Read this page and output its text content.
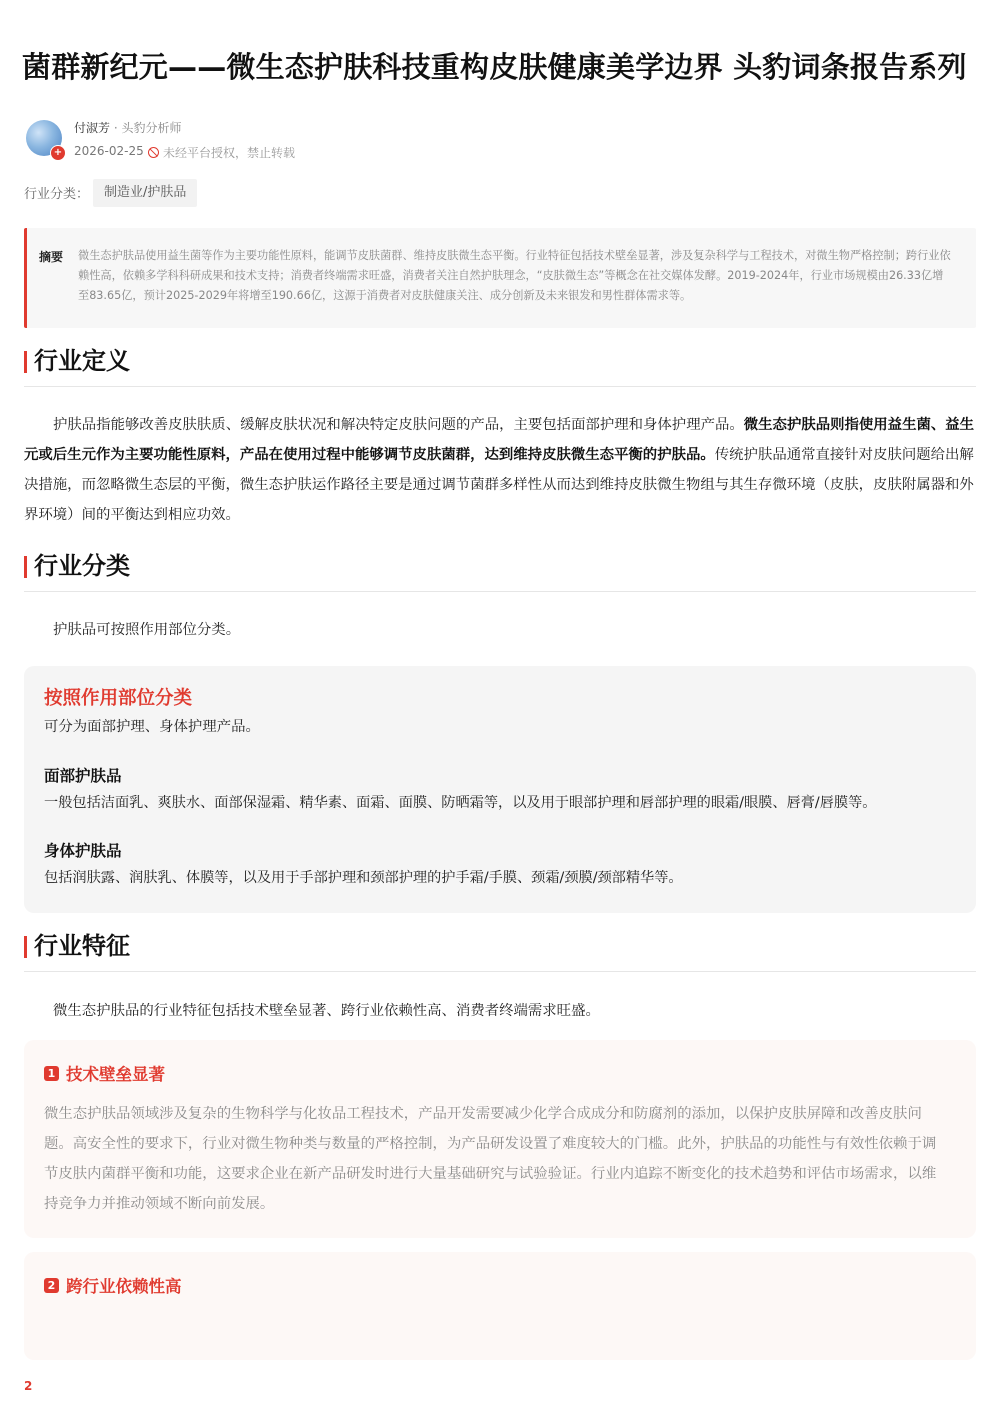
菌群新纪元——微生态护肤科技重构皮肤健康美学边界 头豹词条报告系列
+
付淑芳 · 头豹分析师
2026-02-25	未经平台授权，禁止转载
行业分类：	制造业/护肤品
摘要 微生态护肤品使用益生菌等作为主要功能性原料，能调节皮肤菌群、维持皮肤微生态平衡。行业特征包括技术壁垒显著，涉及复杂科学与工程技术，对微生物严格控制；跨行业依赖性高，依赖多学科科研成果和技术支持；消费者终端需求旺盛，消费者关注自然护肤理念，“皮肤微生态”等概念在社交媒体发酵。2019-2024年，行业市场规模由26.33亿增至83.65亿，预计2025-2029年将增至190.66亿，这源于消费者对皮肤健康关注、成分创新及未来银发和男性群体需求等。
行业定义

护肤品指能够改善皮肤肤质、缓解皮肤状况和解决特定皮肤问题的产品，主要包括面部护理和身体护理产品。微生态护肤品则指使用益生菌、益生元或后生元作为主要功能性原料，产品在使用过程中能够调节皮肤菌群，达到维持皮肤微生态平衡的护肤品。传统护肤品通常直接针对皮肤问题给出解决措施，而忽略微生态层的平衡，微生态护肤运作路径主要是通过调节菌群多样性从而达到维持皮肤微生物组与其生存微环境（皮肤，皮肤附属器和外界环境）间的平衡达到相应功效。

行业分类

护肤品可按照作用部位分类。

按照作用部位分类
可分为面部护理、身体护理产品。
面部护肤品
一般包括洁面乳、爽肤水、面部保湿霜、精华素、面霜、面膜、防晒霜等，以及用于眼部护理和唇部护理的眼霜/眼膜、唇膏/唇膜等。
身体护肤品
包括润肤露、润肤乳、体膜等，以及用于手部护理和颈部护理的护手霜/手膜、颈霜/颈膜/颈部精华等。
行业特征

微生态护肤品的行业特征包括技术壁垒显著、跨行业依赖性高、消费者终端需求旺盛。

1 技术壁垒显著
微生态护肤品领域涉及复杂的生物科学与化妆品工程技术，产品开发需要减少化学合成成分和防腐剂的添加，以保护皮肤屏障和改善皮肤问题。高安全性的要求下，行业对微生物种类与数量的严格控制，为产品研发设置了难度较大的门槛。此外，护肤品的功能性与有效性依赖于调节皮肤内菌群平衡和功能，这要求企业在新产品研发时进行大量基础研究与试验验证。行业内追踪不断变化的技术趋势和评估市场需求，以维持竞争力并推动领域不断向前发展。
2 跨行业依赖性高
2
